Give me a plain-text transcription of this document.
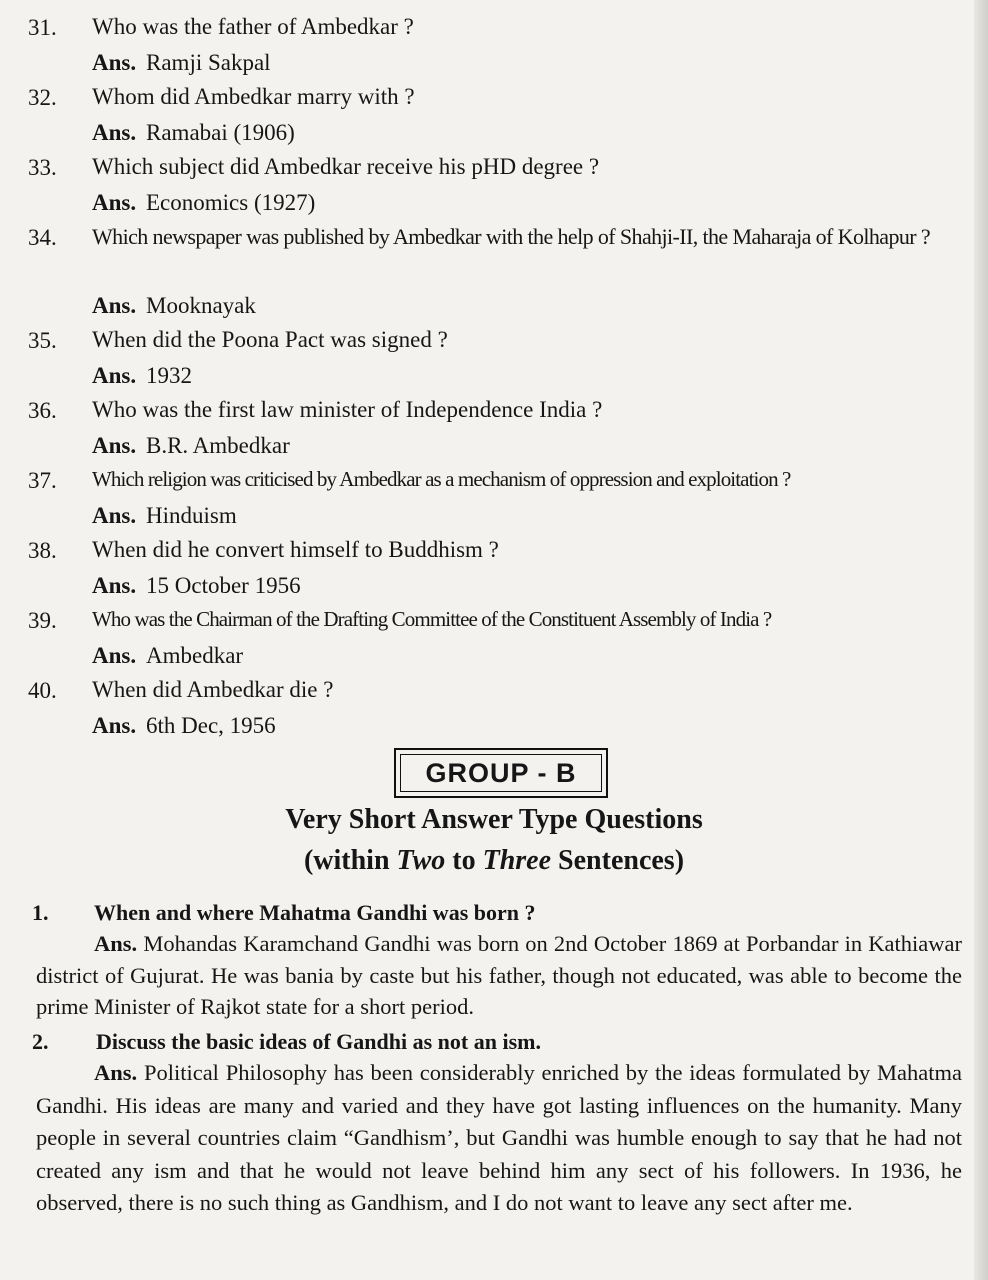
31. Who was the father of Ambedkar ?
Ans. Ramji Sakpal
32. Whom did Ambedkar marry with ?
Ans. Ramabai (1906)
33. Which subject did Ambedkar receive his pHD degree ?
Ans. Economics (1927)
34. Which newspaper was published by Ambedkar with the help of Shahji-II, the Maharaja of Kolhapur ?
Ans. Mooknayak
35. When did the Poona Pact was signed ?
Ans. 1932
36. Who was the first law minister of Independence India ?
Ans. B.R. Ambedkar
37. Which religion was criticised by Ambedkar as a mechanism of oppression and exploitation ?
Ans. Hinduism
38. When did he convert himself to Buddhism ?
Ans. 15 October 1956
39. Who was the Chairman of the Drafting Committee of the Constituent Assembly of India ?
Ans. Ambedkar
40. When did Ambedkar die ?
Ans. 6th Dec, 1956
GROUP - B
Very Short Answer Type Questions
(within Two to Three Sentences)
1. When and where Mahatma Gandhi was born ?
Ans. Mohandas Karamchand Gandhi was born on 2nd October 1869 at Porbandar in Kathiawar district of Gujurat. He was bania by caste but his father, though not educated, was able to become the prime Minister of Rajkot state for a short period.
2. Discuss the basic ideas of Gandhi as not an ism.
Ans. Political Philosophy has been considerably enriched by the ideas formulated by Mahatma Gandhi. His ideas are many and varied and they have got lasting influences on the humanity. Many people in several countries claim “Gandhism’, but Gandhi was humble enough to say that he had not created any ism and that he would not leave behind him any sect of his followers. In 1936, he observed, there is no such thing as Gandhism, and I do not want to leave any sect after me.
